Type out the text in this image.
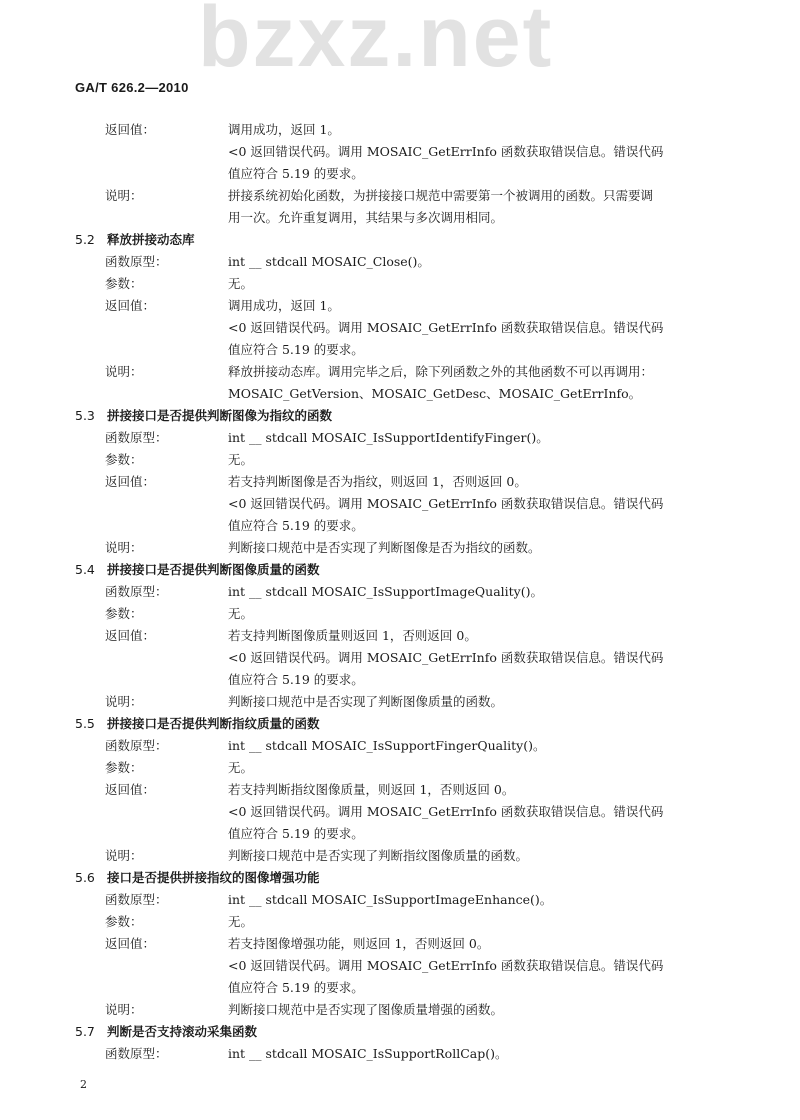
bzxz.net
GA/T 626.2—2010
返回值：	调用成功，返回 1。
<0 返回错误代码。调用 MOSAIC_GetErrInfo 函数获取错误信息。错误代码
值应符合 5.19 的要求。
说明：	拼接系统初始化函数，为拼接接口规范中需要第一个被调用的函数。只需要调
用一次。允许重复调用，其结果与多次调用相同。
5.2 释放拼接动态库
函数原型：	int __ stdcall MOSAIC_Close()。
参数：	无。
返回值：	调用成功，返回 1。
<0 返回错误代码。调用 MOSAIC_GetErrInfo 函数获取错误信息。错误代码
值应符合 5.19 的要求。
说明：	释放拼接动态库。调用完毕之后，除下列函数之外的其他函数不可以再调用：
MOSAIC_GetVersion、MOSAIC_GetDesc、MOSAIC_GetErrInfo。
5.3 拼接接口是否提供判断图像为指纹的函数
函数原型：	int __ stdcall MOSAIC_IsSupportIdentifyFinger()。
参数：	无。
返回值：	若支持判断图像是否为指纹，则返回 1，否则返回 0。
<0 返回错误代码。调用 MOSAIC_GetErrInfo 函数获取错误信息。错误代码
值应符合 5.19 的要求。
说明：	判断接口规范中是否实现了判断图像是否为指纹的函数。
5.4 拼接接口是否提供判断图像质量的函数
函数原型：	int __ stdcall MOSAIC_IsSupportImageQuality()。
参数：	无。
返回值：	若支持判断图像质量则返回 1，否则返回 0。
<0 返回错误代码。调用 MOSAIC_GetErrInfo 函数获取错误信息。错误代码
值应符合 5.19 的要求。
说明：	判断接口规范中是否实现了判断图像质量的函数。
5.5 拼接接口是否提供判断指纹质量的函数
函数原型：	int __ stdcall MOSAIC_IsSupportFingerQuality()。
参数：	无。
返回值：	若支持判断指纹图像质量，则返回 1，否则返回 0。
<0 返回错误代码。调用 MOSAIC_GetErrInfo 函数获取错误信息。错误代码
值应符合 5.19 的要求。
说明：	判断接口规范中是否实现了判断指纹图像质量的函数。
5.6 接口是否提供拼接指纹的图像增强功能
函数原型：	int __ stdcall MOSAIC_IsSupportImageEnhance()。
参数：	无。
返回值：	若支持图像增强功能，则返回 1，否则返回 0。
<0 返回错误代码。调用 MOSAIC_GetErrInfo 函数获取错误信息。错误代码
值应符合 5.19 的要求。
说明：	判断接口规范中是否实现了图像质量增强的函数。
5.7 判断是否支持滚动采集函数
函数原型：	int __ stdcall MOSAIC_IsSupportRollCap()。
2
